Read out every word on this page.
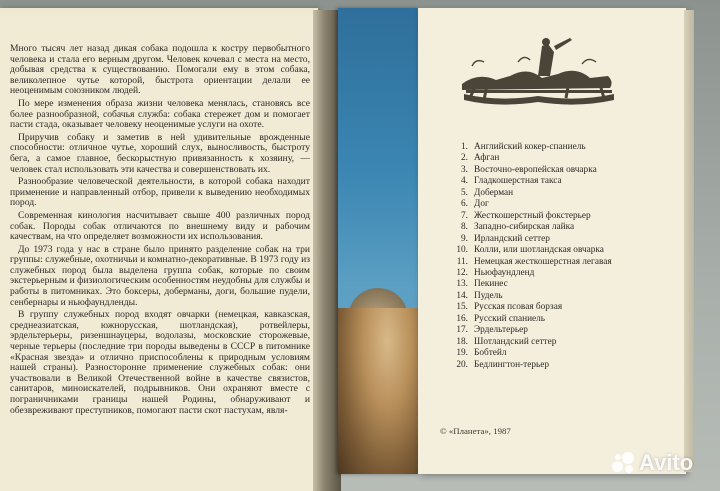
Много тысяч лет назад дикая собака подошла к костру первобытного человека и стала его верным другом. Человек кочевал с места на место, добывая средства к существованию. Помогали ему в этом собака, великолепное чутье которой, быстрота ориентации делали ее неоценимым союзником людей.

По мере изменения образа жизни человека менялась, становясь все более разнообразной, собачья служба: собака стережет дом и помогает пасти стада, оказывает человеку неоценимые услуги на охоте.

Приручив собаку и заметив в ней удивительные врожденные способности: отличное чутье, хороший слух, выносливость, быстроту бега, а самое главное, бескорыстную привязанность к хозяину, — человек стал использовать эти качества и совершенствовать их.

Разнообразие человеческой деятельности, в которой собака находит применение и направленный отбор, привели к выведению необходимых пород.

Современная кинология насчитывает свыше 400 различных пород собак. Породы собак отличаются по внешнему виду и рабочим качествам, на что определяет возможности их использования.

До 1973 года у нас в стране было принято разделение собак на три группы: служебные, охотничьи и комнатно-декоративные. В 1973 году из служебных пород была выделена группа собак, которые по своим экстерьерным и физиологическим особенностям неудобны для службы и работы в питомниках. Это боксеры, доберманы, доги, большие пудели, сенбернары и ньюфаундленды.

В группу служебных пород входят овчарки (немецкая, кавказская, среднеазиатская, южнорусская, шотландская), ротвейлеры, эрдельтерьеры, ризеншнауцеры, водолазы, московские сторожевые, черные терьеры (последние три породы выведены в СССР в питомнике «Красная звезда» и отлично приспособлены к природным условиям нашей страны). Разносторонне применение служебных собак: они участвовали в Великой Отечественной войне в качестве связистов, санитаров, миноискателей, подрывников. Они охраняют вместе с пограничниками границы нашей Родины, обнаруживают и обезвреживают преступников, помогают пасти скот пастухам, явля-

1. Английский кокер-спаниель
2. Афган
3. Восточно-европейская овчарка
4. Гладкошерстная такса
5. Доберман
6. Дог
7. Жесткошерстный фокстерьер
8. Западно-сибирская лайка
9. Ирландский сеттер
10. Колли, или шотландская овчарка
11. Немецкая жесткошерстная легавая
12. Ньюфаундленд
13. Пекинес
14. Пудель
15. Русская псовая борзая
16. Русский спаниель
17. Эрдельтерьер
18. Шотландский сеттер
19. Бобтейл
20. Бедлингтон-терьер
© «Планета», 1987
Avito
